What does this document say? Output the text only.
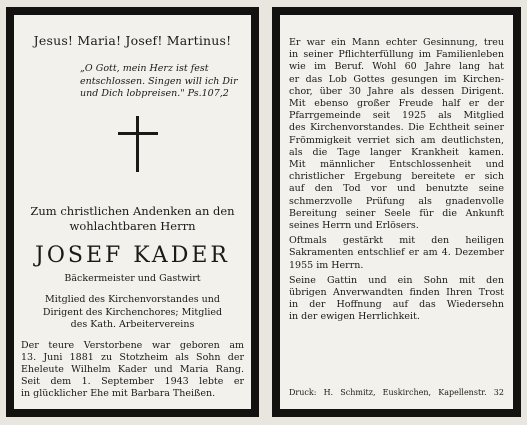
Jesus! Maria! Josef! Martinus!
„O Gott, mein Herz ist fest
entschlossen. Singen will ich Dir
und Dich lobpreisen." Ps.107,2
Zum christlichen Andenken an den
wohlachtbaren Herrn
JOSEF KADER
Bäckermeister und Gastwirt
Mitglied des Kirchenvorstandes und
Dirigent des Kirchenchores; Mitglied
des Kath. Arbeitervereins
Der teure Verstorbene war geboren am
13. Juni 1881 zu Stotzheim als Sohn der
Eheleute Wilhelm Kader und Maria Rang.
Seit dem 1. September 1943 lebte er
in glücklicher Ehe mit Barbara Theißen.
Er war ein Mann echter Gesinnung, treu
in seiner Pflichterfüllung im Familienleben
wie im Beruf. Wohl 60 Jahre lang hat
er das Lob Gottes gesungen im Kirchen-
chor, über 30 Jahre als dessen Dirigent.
Mit ebenso großer Freude half er der
Pfarrgemeinde seit 1925 als Mitglied
des Kirchenvorstandes. Die Echtheit seiner
Frömmigkeit verriet sich am deutlichsten,
als die Tage langer Krankheit kamen.
Mit männlicher Entschlossenheit und
christlicher Ergebung bereitete er sich
auf den Tod vor und benutzte seine
schmerzvolle Prüfung als gnadenvolle
Bereitung seiner Seele für die Ankunft
seines Herrn und Erlösers.
Oftmals gestärkt mit den heiligen
Sakramenten entschlief er am 4. Dezember
1955 im Herrn.
Seine Gattin und ein Sohn mit den
übrigen Anverwandten finden Ihren Trost
in der Hoffnung auf das Wiedersehn
in der ewigen Herrlichkeit.
Druck: H. Schmitz, Euskirchen, Kapellenstr. 32
